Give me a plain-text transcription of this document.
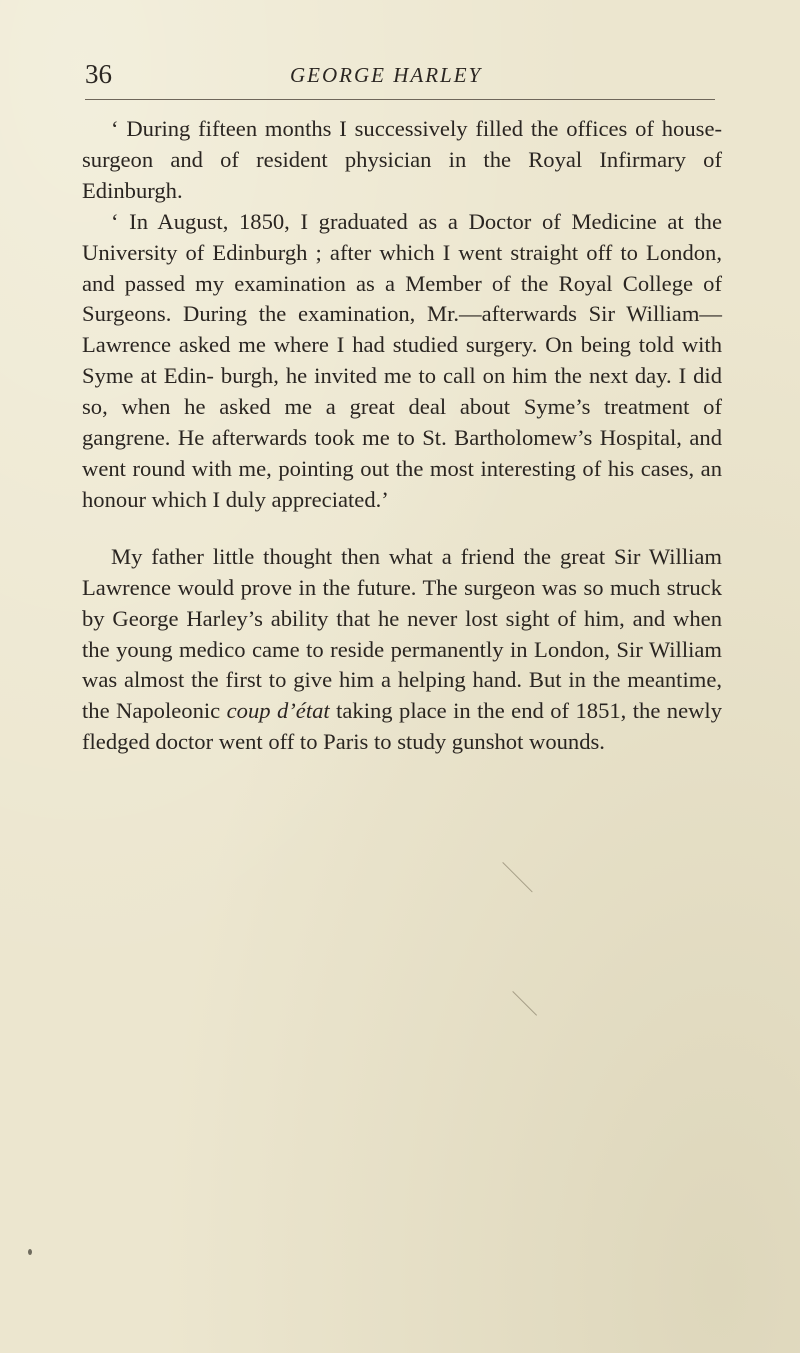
36	GEORGE HARLEY

‘ During fifteen months I successively filled the offices of house-surgeon and of resident physician in the Royal Infirmary of Edinburgh.

‘ In August, 1850, I graduated as a Doctor of Medicine at the University of Edinburgh ; after which I went straight off to London, and passed my examination as a Member of the Royal College of Surgeons. During the examination, Mr.—afterwards Sir William—Lawrence asked me where I had studied surgery. On being told with Syme at Edin- burgh, he invited me to call on him the next day. I did so, when he asked me a great deal about Syme’s treatment of gangrene. He afterwards took me to St. Bartholomew’s Hospital, and went round with me, pointing out the most interesting of his cases, an honour which I duly appreciated.’

My father little thought then what a friend the great Sir William Lawrence would prove in the future. The surgeon was so much struck by George Harley’s ability that he never lost sight of him, and when the young medico came to reside permanently in London, Sir William was almost the first to give him a helping hand. But in the meantime, the Napoleonic coup d’état taking place in the end of 1851, the newly fledged doctor went off to Paris to study gunshot wounds.
